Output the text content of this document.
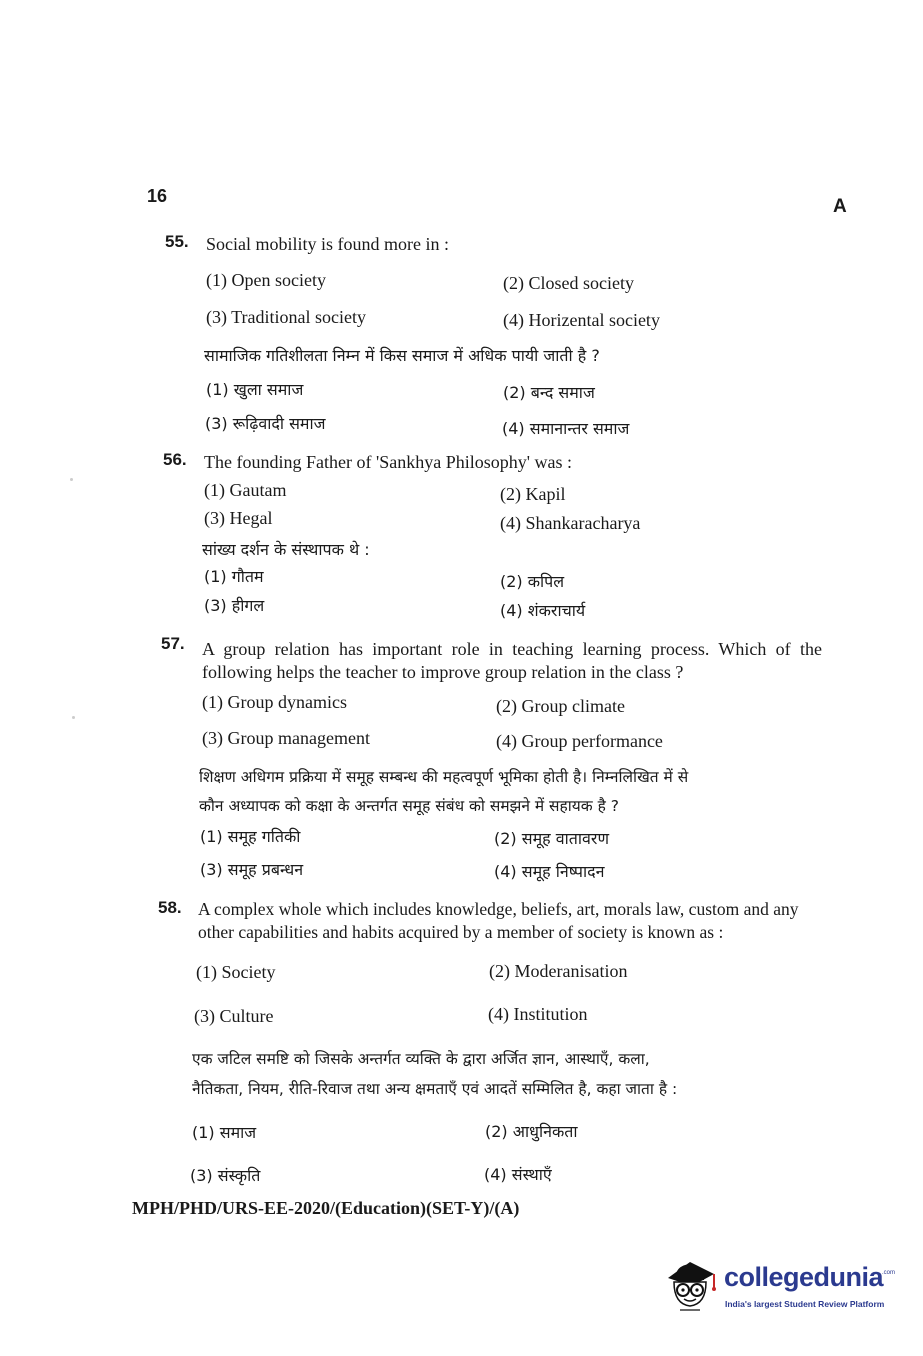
16	A
55. Social mobility is found more in :
(1) Open society	(2) Closed society
(3) Traditional society	(4) Horizental society
सामाजिक गतिशीलता निम्न में किस समाज में अधिक पायी जाती है ?
(1) खुला समाज	(2) बन्द समाज
(3) रूढ़िवादी समाज	(4) समानान्तर समाज
56. The founding Father of 'Sankhya Philosophy' was :
(1) Gautam	(2) Kapil
(3) Hegal	(4) Shankaracharya
सांख्य दर्शन के संस्थापक थे :
(1) गौतम	(2) कपिल
(3) हीगल	(4) शंकराचार्य
57. A group relation has important role in teaching learning process. Which of the
following helps the teacher to improve group relation in the class ?
(1) Group dynamics	(2) Group climate
(3) Group management	(4) Group performance
शिक्षण अधिगम प्रक्रिया में समूह सम्बन्ध की महत्वपूर्ण भूमिका होती है। निम्नलिखित में से
कौन अध्यापक को कक्षा के अन्तर्गत समूह संबंध को समझने में सहायक है ?
(1) समूह गतिकी	(2) समूह वातावरण
(3) समूह प्रबन्धन	(4) समूह निष्पादन
58. A complex whole which includes knowledge, beliefs, art, morals law, custom and any
other capabilities and habits acquired by a member of society is known as :
(1) Society	(2) Moderanisation
(3) Culture	(4) Institution
एक जटिल समष्टि को जिसके अन्तर्गत व्यक्ति के द्वारा अर्जित ज्ञान, आस्थाएँ, कला,
नैतिकता, नियम, रीति-रिवाज तथा अन्य क्षमताएँ एवं आदतें सम्मिलित है, कहा जाता है :
(1) समाज	(2) आधुनिकता
(3) संस्कृति	(4) संस्थाएँ
MPH/PHD/URS-EE-2020/(Education)(SET-Y)/(A)
collegedunia
.com
India's largest Student Review Platform
